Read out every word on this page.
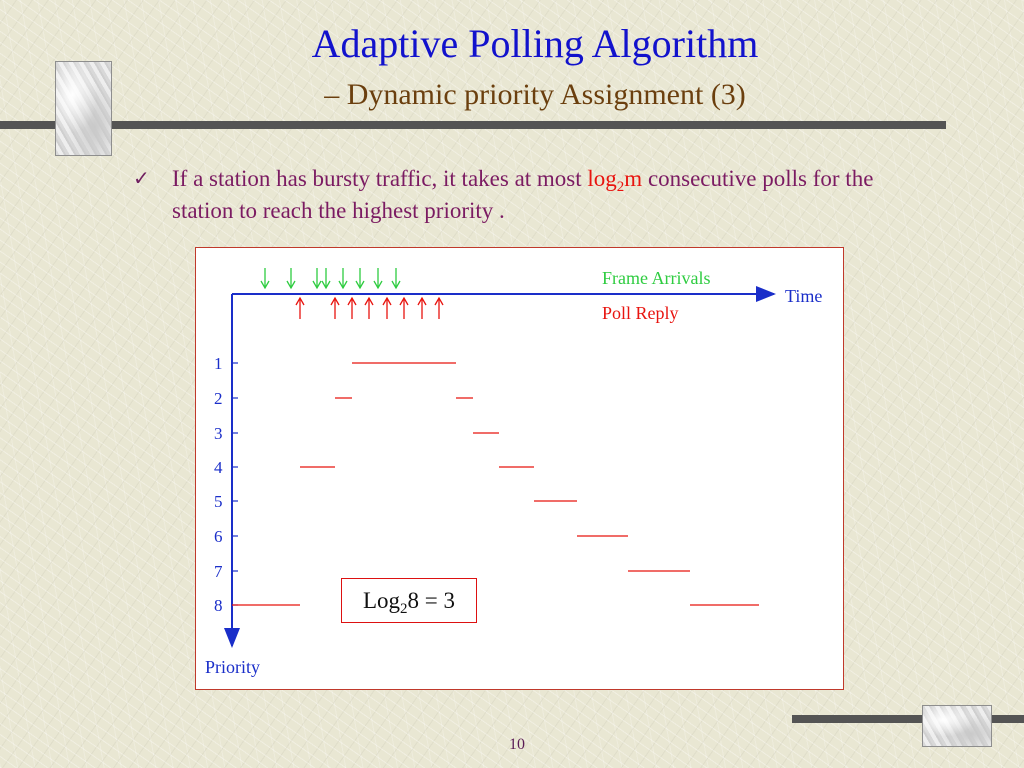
Adaptive Polling Algorithm
– Dynamic priority Assignment (3)
✓ If a station has bursty traffic, it takes at most $\log_2m$ consecutive polls for the station to reach the highest priority .
Time
Frame Arrivals
Poll Reply
Priority
1
2
3
4
5
6
7
8	Log$_2$8 = 3
10
